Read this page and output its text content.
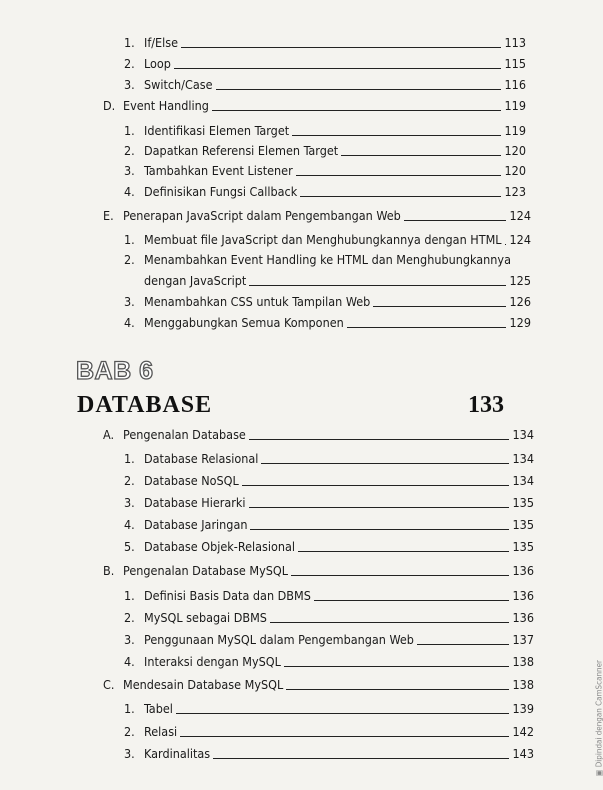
1. If/Else	113
2. Loop	115
3. Switch/Case	116
D. Event Handling	119
1. Identifikasi Elemen Target	119
2. Dapatkan Referensi Elemen Target	120
3. Tambahkan Event Listener	120
4. Definisikan Fungsi Callback	123
E. Penerapan JavaScript dalam Pengembangan Web	124
1. Membuat file JavaScript dan Menghubungkannya dengan HTML 124
2. Menambahkan Event Handling ke HTML dan Menghubungkannya
dengan JavaScript	125
3. Menambahkan CSS untuk Tampilan Web	126
4. Menggabungkan Semua Komponen	129
BAB 6
DATABASE	133
A. Pengenalan Database	134
1. Database Relasional	134
2. Database NoSQL	134
3. Database Hierarki	135
4. Database Jaringan	135
5. Database Objek-Relasional	135
B. Pengenalan Database MySQL	136
1. Definisi Basis Data dan DBMS	136
2. MySQL sebagai DBMS	136
3. Penggunaan MySQL dalam Pengembangan Web	137
4. Interaksi dengan MySQL	138
C. Mendesain Database MySQL	138
1. Tabel	139
2. Relasi	142
3. Kardinalitas	143
▣ Dipindai dengan CamScanner
